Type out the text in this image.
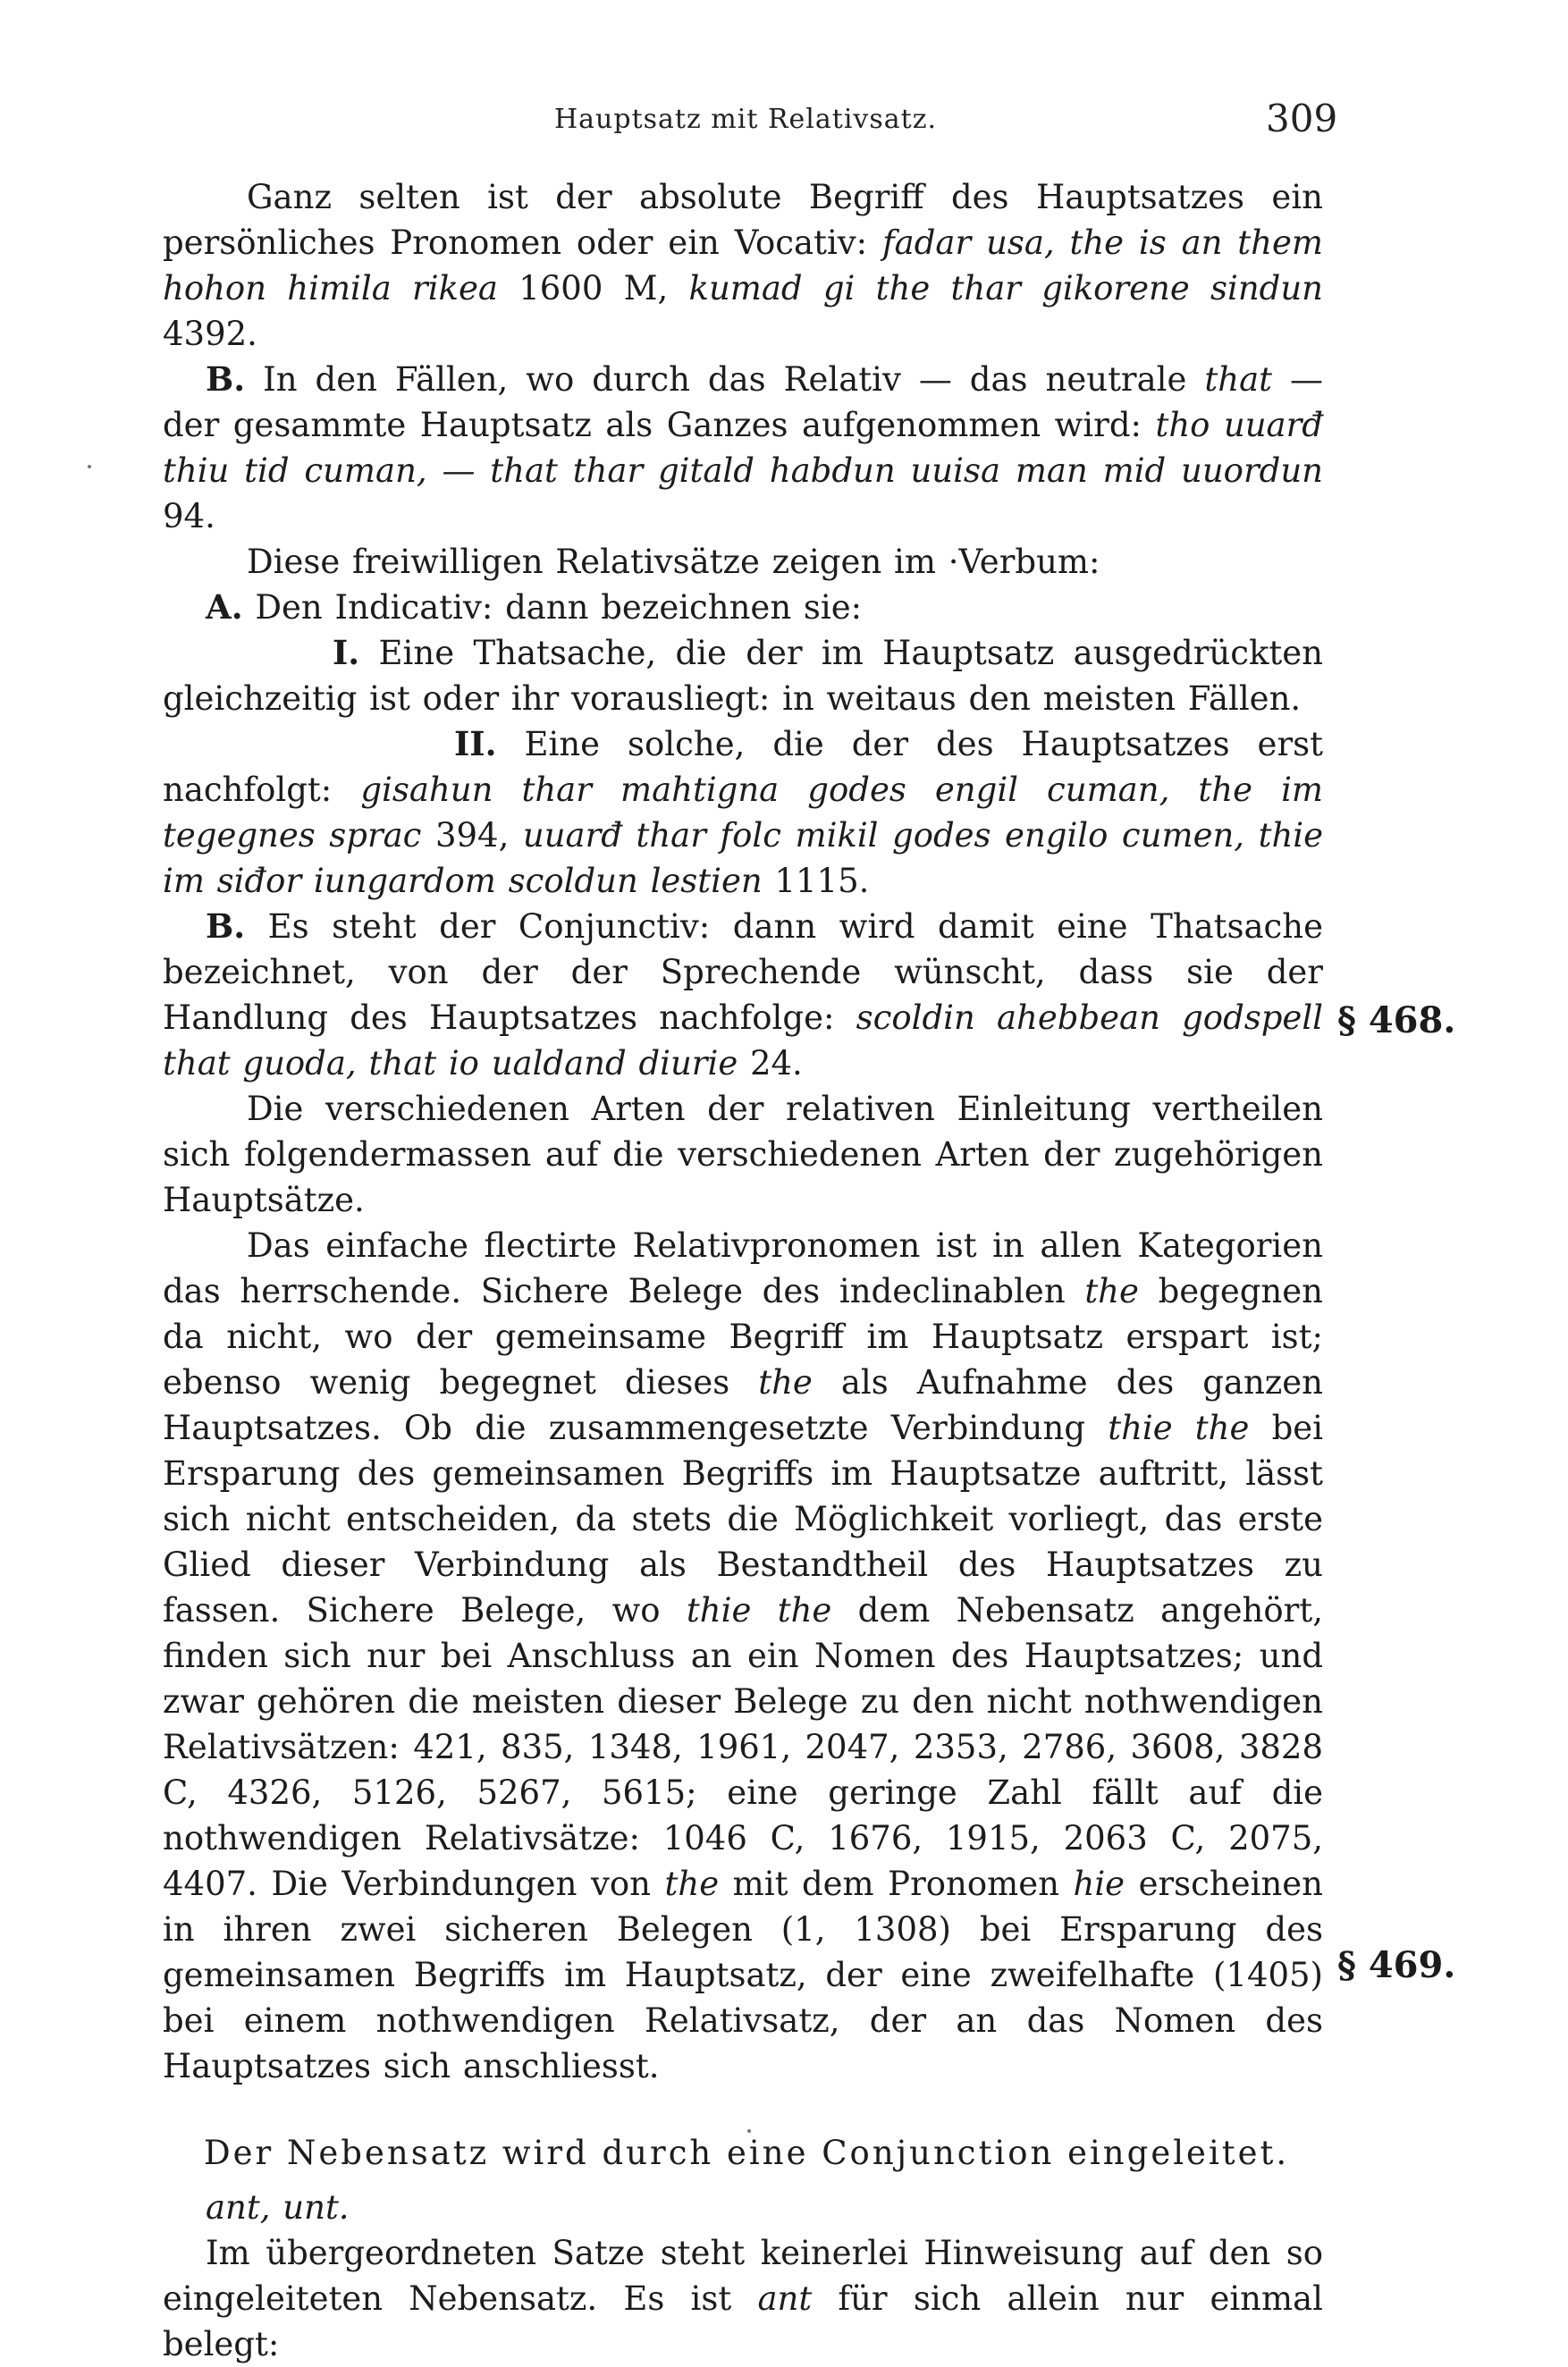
Hauptsatz mit Relativsatz.	309

Ganz selten ist der absolute Begriff des Hauptsatzes ein persönliches Pronomen oder ein Vocativ: fadar usa, the is an them hohon himila rikea 1600 M, kumad gi the thar gikorene sindun 4392.

B. In den Fällen, wo durch das Relativ — das neutrale that — der gesammte Hauptsatz als Ganzes aufgenommen wird: tho uuarđ thiu tid cuman, — that thar gitald habdun uuisa man mid uuordun 94.

Diese freiwilligen Relativsätze zeigen im ·Verbum:

A. Den Indicativ: dann bezeichnen sie:

I. Eine Thatsache, die der im Hauptsatz ausgedrückten gleichzeitig ist oder ihr vorausliegt: in weitaus den meisten Fällen.

II. Eine solche, die der des Hauptsatzes erst nachfolgt: gisahun thar mahtigna godes engil cuman, the im tegegnes sprac 394, uuarđ thar folc mikil godes engilo cumen, thie im siđor iungardom scoldun lestien 1115.

B. Es steht der Conjunctiv: dann wird damit eine Thatsache bezeichnet, von der der Sprechende wünscht, dass sie der Handlung des Hauptsatzes nachfolge: scoldin ahebbean godspell that guoda, that io ualdand diurie 24.

Die verschiedenen Arten der relativen Einleitung vertheilen sich folgendermassen auf die verschiedenen Arten der zugehörigen Hauptsätze.

Das einfache flectirte Relativpronomen ist in allen Kategorien das herrschende. Sichere Belege des indeclinablen the begegnen da nicht, wo der gemeinsame Begriff im Hauptsatz erspart ist; ebenso wenig begegnet dieses the als Aufnahme des ganzen Hauptsatzes. Ob die zusammengesetzte Verbindung thie the bei Ersparung des gemeinsamen Begriffs im Hauptsatze auftritt, lässt sich nicht entscheiden, da stets die Möglichkeit vorliegt, das erste Glied dieser Verbindung als Bestandtheil des Hauptsatzes zu fassen. Sichere Belege, wo thie the dem Nebensatz angehört, finden sich nur bei Anschluss an ein Nomen des Hauptsatzes; und zwar gehören die meisten dieser Belege zu den nicht nothwendigen Relativsätzen: 421, 835, 1348, 1961, 2047, 2353, 2786, 3608, 3828 C, 4326, 5126, 5267, 5615; eine geringe Zahl fällt auf die nothwendigen Relativsätze: 1046 C, 1676, 1915, 2063 C, 2075, 4407. Die Verbindungen von the mit dem Pronomen hie erscheinen in ihren zwei sicheren Belegen (1, 1308) bei Ersparung des gemeinsamen Begriffs im Hauptsatz, der eine zweifelhafte (1405) bei einem nothwendigen Relativsatz, der an das Nomen des Hauptsatzes sich anschliesst.

Der Nebensatz wird durch eine Conjunction eingeleitet.

ant, unt.

Im übergeordneten Satze steht keinerlei Hinweisung auf den so eingeleiteten Nebensatz. Es ist ant für sich allein nur einmal belegt:

§ 468.
§ 469.
